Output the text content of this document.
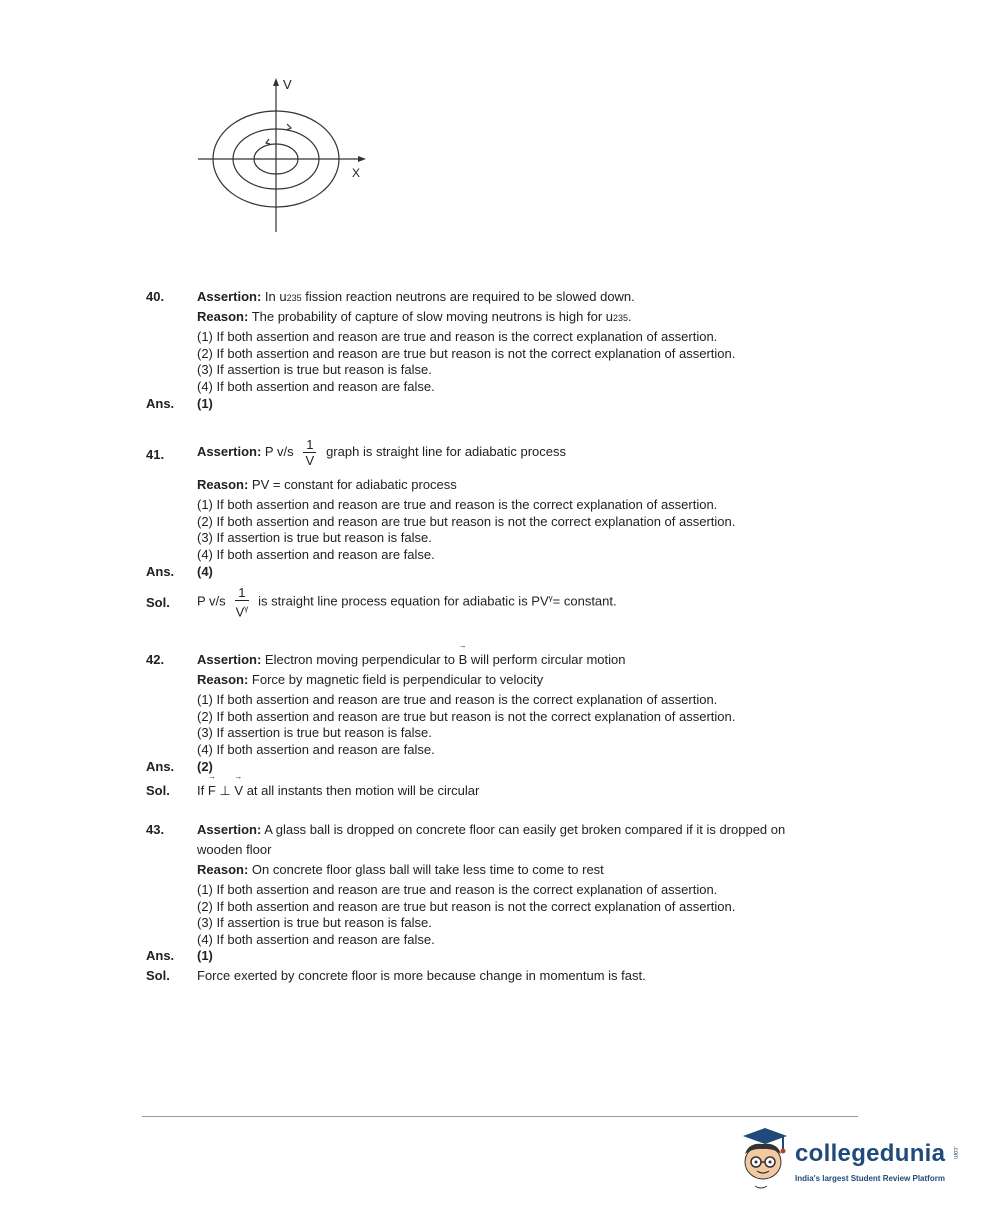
V
X
40.	Assertion: In u235 fission reaction neutrons are required to be slowed down.
Reason: The probability of capture of slow moving neutrons is high for u235.
(1) If both assertion and reason are true and reason is the correct explanation of assertion.
(2) If both assertion and reason are true but reason is not the correct explanation of assertion.
(3) If assertion is true but reason is false.
(4) If both assertion and reason are false.
Ans. (1)
41.	Assertion: P $v/s \frac{1}{V}$ graph is straight line for adiabatic process
Reason: PV = constant for adiabatic process
(1) If both assertion and reason are true and reason is the correct explanation of assertion.
(2) If both assertion and reason are true but reason is not the correct explanation of assertion.
(3) If assertion is true but reason is false.
(4) If both assertion and reason are false.
Ans. (4)
Sol. P $v/s \frac{1}{V^\gamma}$ is straight line process equation for adiabatic is $PV^\gamma=$ constant.
42.	Assertion: Electron moving perpendicular to → B will perform circular motion
Reason: Force by magnetic field is perpendicular to velocity
(1) If both assertion and reason are true and reason is the correct explanation of assertion.
(2) If both assertion and reason are true but reason is not the correct explanation of assertion.
(3) If assertion is true but reason is false.
(4) If both assertion and reason are false.
Ans. (2)
Sol. If → F ⊥ → V at all instants then motion will be circular
43.	Assertion: A glass ball is dropped on concrete floor can easily get broken compared if it is dropped on
wooden floor
Reason: On concrete floor glass ball will take less time to come to rest
(1) If both assertion and reason are true and reason is the correct explanation of assertion.
(2) If both assertion and reason are true but reason is not the correct explanation of assertion.
(3) If assertion is true but reason is false.
(4) If both assertion and reason are false.
Ans. (1)
Sol. Force exerted by concrete floor is more because change in momentum is fast.
collegedunia .com
India's largest Student Review Platform
